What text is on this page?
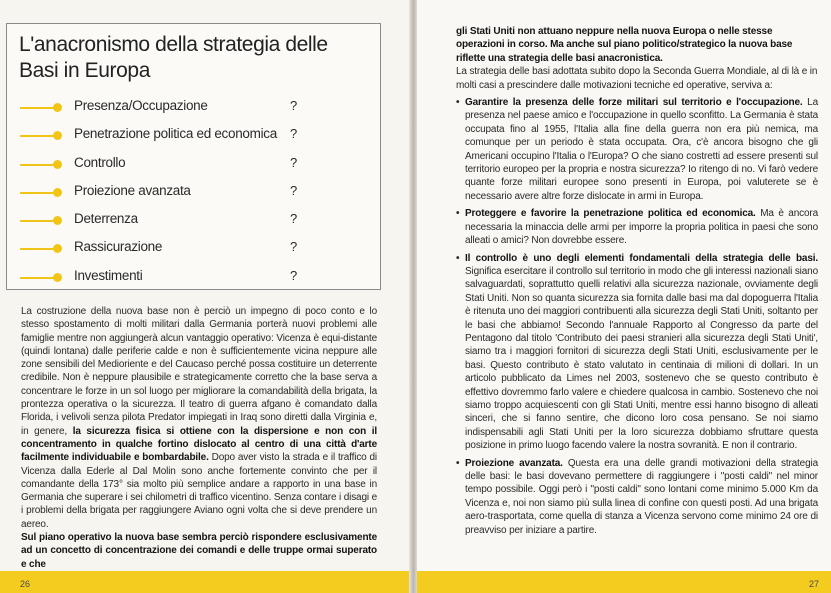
L'anacronismo della strategia delle Basi in Europa
Presenza/Occupazione	?
Penetrazione politica ed economica ?
Controllo	?
Proiezione avanzata	?
Deterrenza	?
Rassicurazione	?
Investimenti	?
La costruzione della nuova base non è perciò un impegno di poco conto e lo stesso spostamento di molti militari dalla Germania porterà nuovi problemi alle famiglie mentre non aggiungerà alcun vantaggio operativo: Vicenza è equi-distante (quindi lontana) dalle periferie calde e non è sufficientemente vicina neppure alle zone sensibili del Medioriente e del Caucaso perché possa costituire un deterrente credibile. Non è neppure plausibile e strategicamente corretto che la base serva a concentrare le forze in un sol luogo per migliorare la comandabilità della brigata, la prontezza operativa o la sicurezza. Il teatro di guerra afgano è comandato dalla Florida, i velivoli senza pilota Predator impiegati in Iraq sono diretti dalla Virginia e, in genere, la sicurezza fisica si ottiene con la dispersione e non con il concentramento in qualche fortino dislocato al centro di una città d'arte facilmente individuabile e bombardabile. Dopo aver visto la strada e il traffico di Vicenza dalla Ederle al Dal Molin sono anche fortemente convinto che per il comandante della 173° sia molto più semplice andare a rapporto in una base in Germania che superare i sei chilometri di traffico vicentino. Senza contare i disagi e i problemi della brigata per raggiungere Aviano ogni volta che si deve prendere un aereo.
Sul piano operativo la nuova base sembra perciò rispondere esclusivamente ad un concetto di concentrazione dei comandi e delle truppe ormai superato e che
26

gli Stati Uniti non attuano neppure nella nuova Europa o nelle stesse operazioni in corso. Ma anche sul piano politico/strategico la nuova base riflette una strategia delle basi anacronistica.

La strategia delle basi adottata subito dopo la Seconda Guerra Mondiale, al di là e in molti casi a prescindere dalle motivazioni tecniche ed operative, serviva a:

• Garantire la presenza delle forze militari sul territorio e l'occupazione. La presenza nel paese amico e l'occupazione in quello sconfitto. La Germania è stata occupata fino al 1955, l'Italia alla fine della guerra non era più nemica, ma comunque per un periodo è stata occupata. Ora, c'è ancora bisogno che gli Americani occupino l'Italia o l'Europa? O che siano costretti ad essere presenti sul territorio europeo per la propria e nostra sicurezza? Io ritengo di no. Vi farò vedere quante forze militari europee sono presenti in Europa, poi valuterete se è necessario avere altre forze dislocate in armi in Europa.

• Proteggere e favorire la penetrazione politica ed economica. Ma è ancora necessaria la minaccia delle armi per imporre la propria politica in paesi che sono alleati o amici? Non dovrebbe essere.

• Il controllo è uno degli elementi fondamentali della strategia delle basi. Significa esercitare il controllo sul territorio in modo che gli interessi nazionali siano salvaguardati, soprattutto quelli relativi alla sicurezza nazionale, ovviamente degli Stati Uniti. Non so quanta sicurezza sia fornita dalle basi ma dal dopoguerra l'Italia è ritenuta uno dei maggiori contribuenti alla sicurezza degli Stati Uniti, soltanto per le basi che abbiamo! Secondo l'annuale Rapporto al Congresso da parte del Pentagono dal titolo 'Contributo dei paesi stranieri alla sicurezza degli Stati Uniti', siamo tra i maggiori fornitori di sicurezza degli Stati Uniti, esclusivamente per le basi. Questo contributo è stato valutato in centinaia di milioni di dollari. In un articolo pubblicato da Limes nel 2003, sostenevo che se questo contributo è effettivo dovremmo farlo valere e chiedere qualcosa in cambio. Sostenevo che noi siamo troppo acquiescenti con gli Stati Uniti, mentre essi hanno bisogno di alleati sinceri, che si fanno sentire, che dicono loro cosa pensano. Se noi siamo indispensabili agli Stati Uniti per la loro sicurezza dobbiamo sfruttare questa posizione in primo luogo facendo valere la nostra sovranità. E non il contrario.

• Proiezione avanzata. Questa era una delle grandi motivazioni della strategia delle basi: le basi dovevano permettere di raggiungere i "posti caldi" nel minor tempo possibile. Oggi però i "posti caldi" sono lontani come minimo 5.000 Km da Vicenza e, noi non siamo più sulla linea di confine con questi posti. Ad una brigata aero-trasportata, come quella di stanza a Vicenza servono come minimo 24 ore di preavviso per iniziare a partire.

27
